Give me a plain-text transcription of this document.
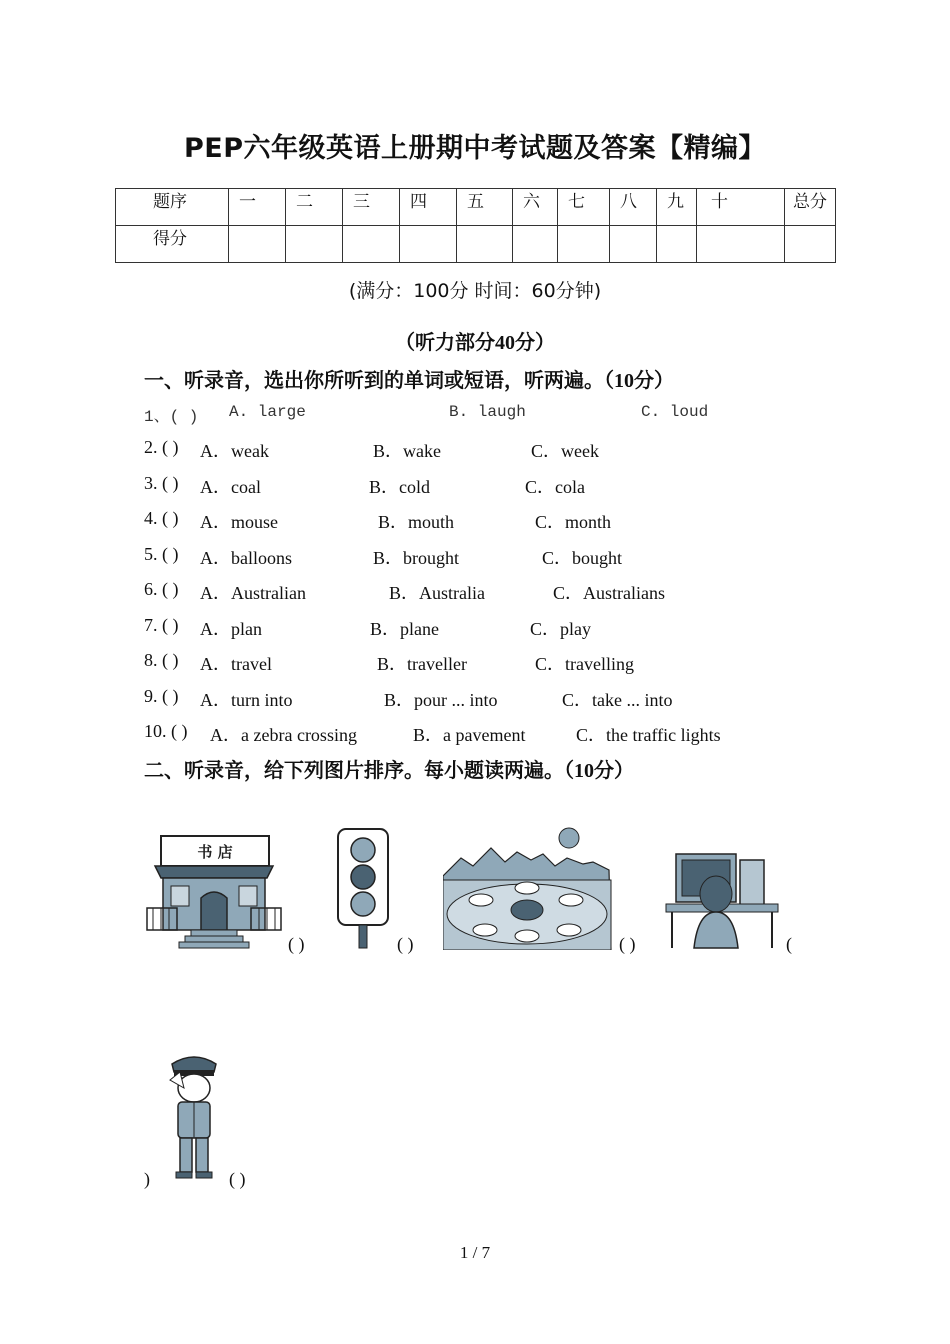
PEP六年级英语上册期中考试题及答案【精编】
题序	一	二	三	四	五	六	七	八	九	十	总分
得分											
(满分：100分 时间：60分钟)
（听力部分40分）
一、听录音，选出你所听到的单词或短语，听两遍。（10分）
1、( ) A. large	B. laugh	C. loud
2. ( ) A．weak	B．wake	C．week
3. ( ) A．coal	B．cold	C．cola
4. ( ) A．mouse	B．mouth	C．month
5. ( ) A．balloons	B．brought	C．bought
6. ( ) A．Australian	B．Australia	C．Australians
7. ( ) A．plan	B．plane	C．play
8. ( ) A．travel	B．traveller	C．travelling
9. ( ) A．turn into	B．pour ... into	C．take ... into
10. ( ) A．a zebra crossing	B．a pavement	C．the traffic lights
二、听录音，给下列图片排序。每小题读两遍。（10分）
书 店
( )	( )	( )	(
)	( )
1 / 7
